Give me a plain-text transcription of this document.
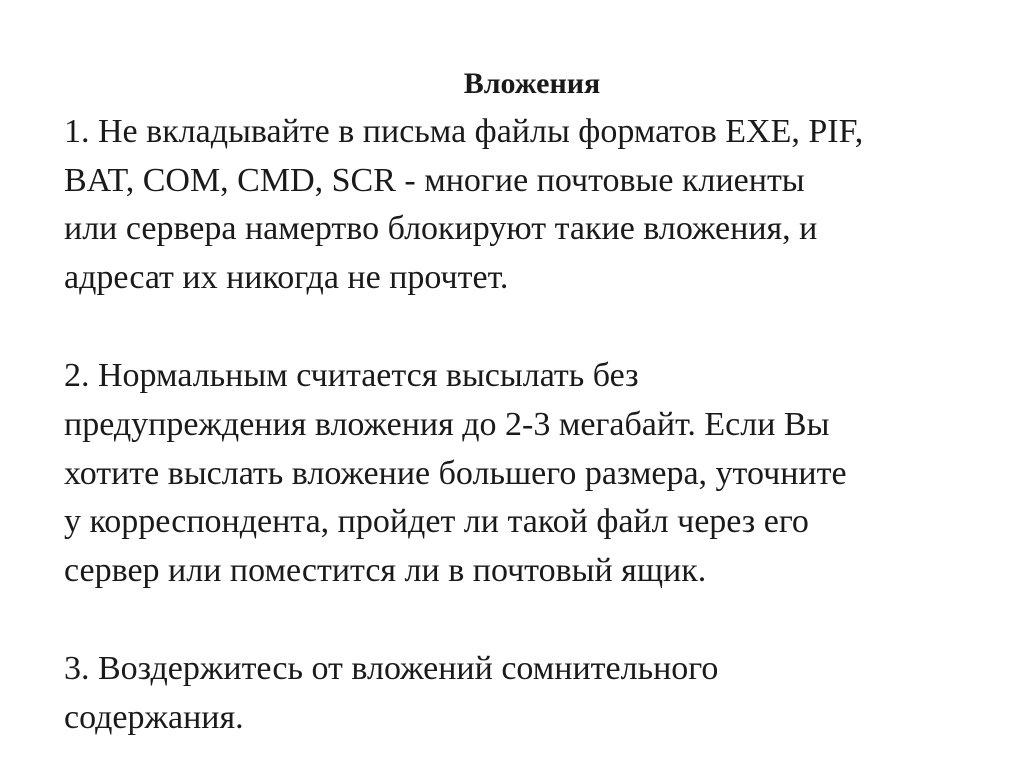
Вложения

1. Не вкладывайте в письма файлы форматов EXE, PIF,
BAT, COM, CMD, SCR - многие почтовые клиенты
или сервера намертво блокируют такие вложения, и
адресат их никогда не прочтет.

2. Нормальным считается высылать без
предупреждения вложения до 2-3 мегабайт. Если Вы
хотите выслать вложение большего размера, уточните
у корреспондента, пройдет ли такой файл через его
сервер или поместится ли в почтовый ящик.

3. Воздержитесь от вложений сомнительного
содержания.
